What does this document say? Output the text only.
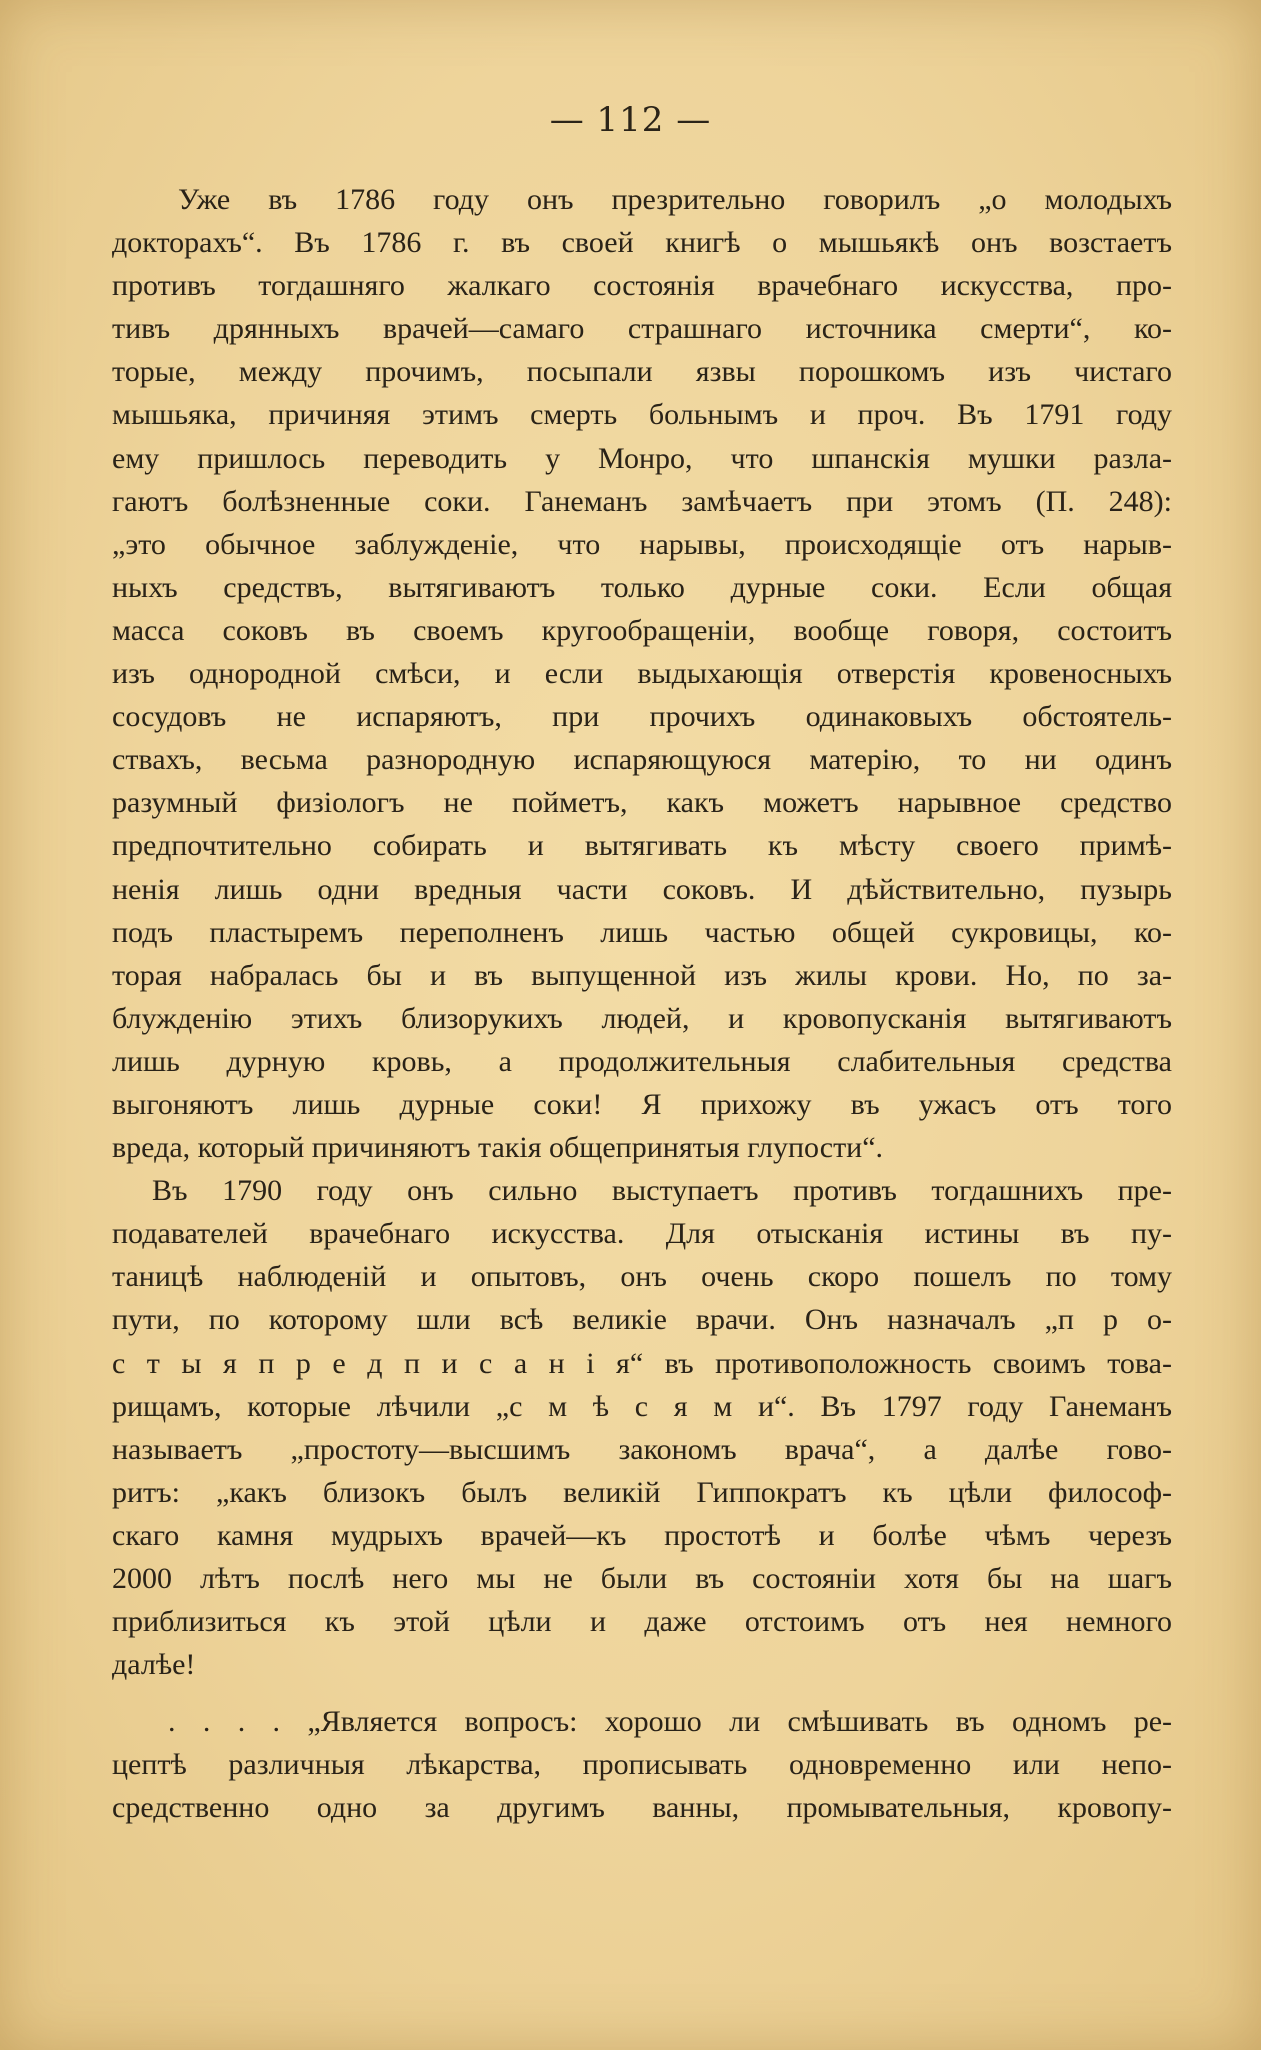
— 112 —
Уже въ 1786 году онъ презрительно говорилъ „о молодыхъ
докторахъ“. Въ 1786 г. въ своей книгѣ о мышьякѣ онъ возстаетъ
противъ тогдашняго жалкаго состоянія врачебнаго искусства, про-
тивъ дрянныхъ врачей—самаго страшнаго источника смерти“, ко-
торые, между прочимъ, посыпали язвы порошкомъ изъ чистаго
мышьяка, причиняя этимъ смерть больнымъ и проч. Въ 1791 году
ему пришлось переводить у Монро, что шпанскія мушки разла-
гаютъ болѣзненные соки. Ганеманъ замѣчаетъ при этомъ (П. 248):
„это обычное заблужденіе, что нарывы, происходящіе отъ нарыв-
ныхъ средствъ, вытягиваютъ только дурные соки. Если общая
масса соковъ въ своемъ кругообращеніи, вообще говоря, состоитъ
изъ однородной смѣси, и если выдыхающія отверстія кровеносныхъ
сосудовъ не испаряютъ, при прочихъ одинаковыхъ обстоятель-
ствахъ, весьма разнородную испаряющуюся матерію, то ни одинъ
разумный физіологъ не пойметъ, какъ можетъ нарывное средство
предпочтительно собирать и вытягивать къ мѣсту своего примѣ-
ненія лишь одни вредныя части соковъ. И дѣйствительно, пузырь
подъ пластыремъ переполненъ лишь частью общей сукровицы, ко-
торая набралась бы и въ выпущенной изъ жилы крови. Но, по за-
блужденію этихъ близорукихъ людей, и кровопусканія вытягиваютъ
лишь дурную кровь, а продолжительныя слабительныя средства
выгоняютъ лишь дурные соки! Я прихожу въ ужасъ отъ того
вреда, который причиняютъ такія общепринятыя глупости“.
Въ 1790 году онъ сильно выступаетъ противъ тогдашнихъ пре-
подавателей врачебнаго искусства. Для отысканія истины въ пу-
таницѣ наблюденій и опытовъ, онъ очень скоро пошелъ по тому
пути, по которому шли всѣ великіе врачи. Онъ назначалъ „п р о-
с т ы я п р е д п и с а н і я“ въ противоположность своимъ това-
рищамъ, которые лѣчили „с м ѣ с я м и“. Въ 1797 году Ганеманъ
называетъ „простоту—высшимъ закономъ врача“, а далѣе гово-
ритъ: „какъ близокъ былъ великій Гиппократъ къ цѣли философ-
скаго камня мудрыхъ врачей—къ простотѣ и болѣе чѣмъ черезъ
2000 лѣтъ послѣ него мы не были въ состояніи хотя бы на шагъ
приблизиться къ этой цѣли и даже отстоимъ отъ нея немного
далѣе!
. . . . „Является вопросъ: хорошо ли смѣшивать въ одномъ ре-
цептѣ различныя лѣкарства, прописывать одновременно или непо-
средственно одно за другимъ ванны, промывательныя, кровопу-
